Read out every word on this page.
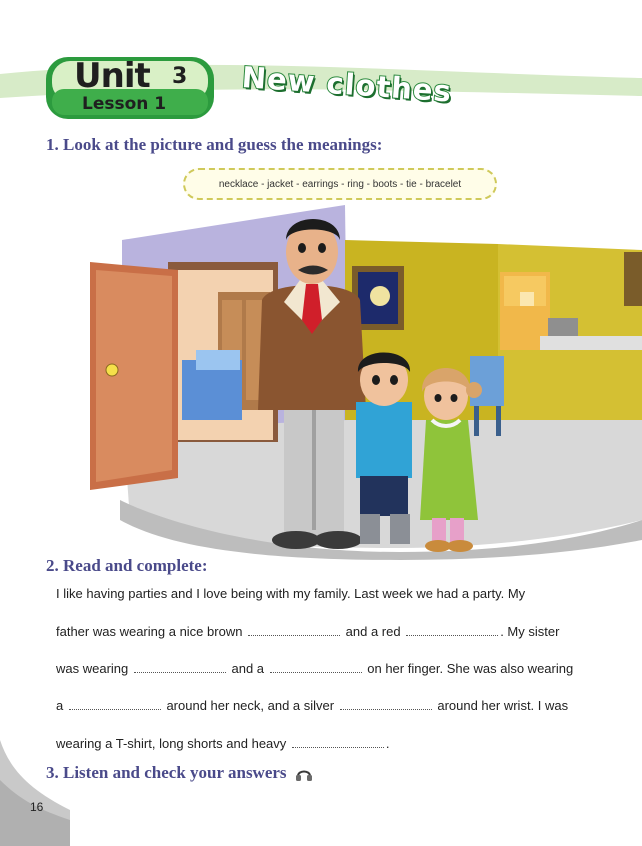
Unit 3
Lesson 1	New clothes
1. Look at the picture and guess the meanings:
necklace - jacket - earrings - ring - boots - tie - bracelet
2. Read and complete:
I like having parties and I love being with my family. Last week we had a party. My
father was wearing a nice brown	and a red	. My sister
was wearing	and a	on her finger. She was also wearing
a	around her neck, and a silver	around her wrist. I was
wearing a T-shirt, long shorts and heavy	.
3. Listen and check your answers
16
